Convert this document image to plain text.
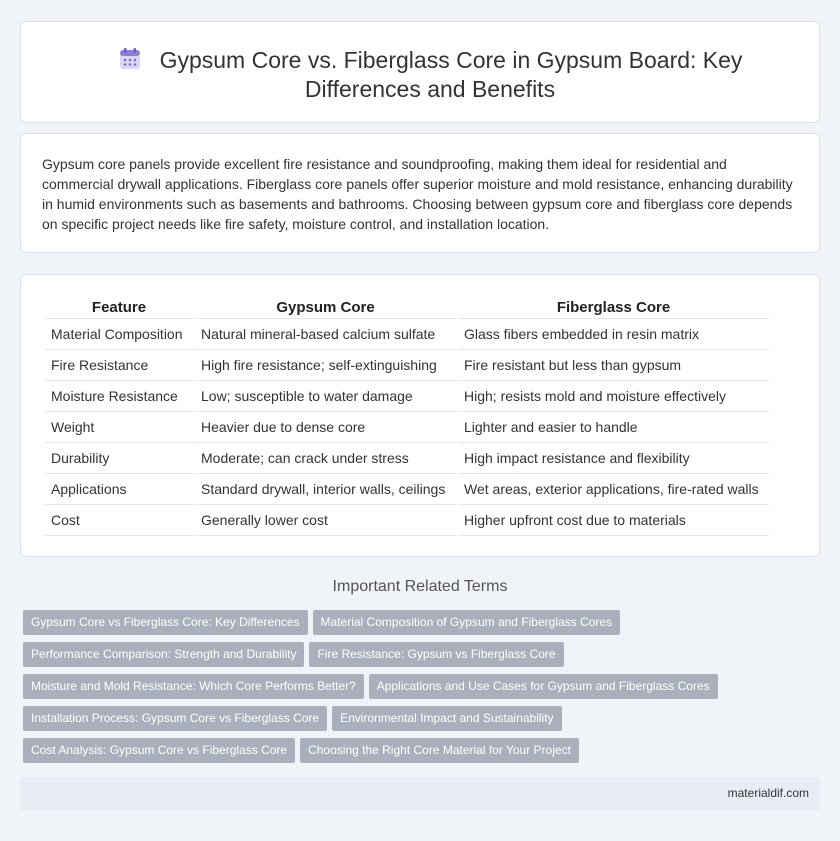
Gypsum Core vs. Fiberglass Core in Gypsum Board: Key Differences and Benefits

Gypsum core panels provide excellent fire resistance and soundproofing, making them ideal for residential and commercial drywall applications. Fiberglass core panels offer superior moisture and mold resistance, enhancing durability in humid environments such as basements and bathrooms. Choosing between gypsum core and fiberglass core depends on specific project needs like fire safety, moisture control, and installation location.

Feature	Gypsum Core	Fiberglass Core
Material Composition	Natural mineral-based calcium sulfate	Glass fibers embedded in resin matrix
Fire Resistance	High fire resistance; self-extinguishing	Fire resistant but less than gypsum
Moisture Resistance	Low; susceptible to water damage	High; resists mold and moisture effectively
Weight	Heavier due to dense core	Lighter and easier to handle
Durability	Moderate; can crack under stress	High impact resistance and flexibility
Applications	Standard drywall, interior walls, ceilings	Wet areas, exterior applications, fire-rated walls
Cost	Generally lower cost	Higher upfront cost due to materials
Important Related Terms
Gypsum Core vs Fiberglass Core: Key Differences Material Composition of Gypsum and Fiberglass Cores
Performance Comparison: Strength and Durability Fire Resistance: Gypsum vs Fiberglass Core
Moisture and Mold Resistance: Which Core Performs Better? Applications and Use Cases for Gypsum and Fiberglass Cores
Installation Process: Gypsum Core vs Fiberglass Core Environmental Impact and Sustainability
Cost Analysis: Gypsum Core vs Fiberglass Core Choosing the Right Core Material for Your Project
materialdif.com
